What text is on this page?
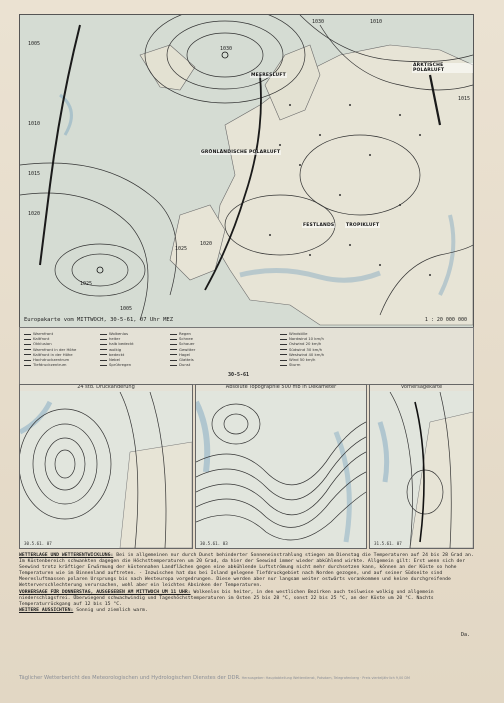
1005
1010
1015
1020
1025
1030
1030
1020
1010
1015
1005
1025
MEERESLUFT
ARKTISCHE POLARLUFT
GRÖNLÄNDISCHE POLARLUFT
FESTLANDS	TROPIKLUFT
Europakarte vom MITTWOCH, 30-5-61, 07 Uhr MEZ	1 : 20 000 000
Warmfront
Kaltfront
Okklusion
Warmfront in der Höhe
Kaltfront in der Höhe
Hochdruckzentrum
Tiefdruckzentrum
Wolkenlos
heiter
halb bedeckt
wolkig
bedeckt
Nebel
Sprühregen
Regen
Schnee
Schauer
Gewitter
Hagel
Glatteis
Dunst
Windstille
Nordwind 10 km/h
Ostwind 20 km/h
Südwind 30 km/h
Westwind 40 km/h
Wind 50 km/h
Sturm
30-5-61
24 std. Druckänderung
30.5.61. 07
Absolute Topographie 500 mb in Dekameter
30.5.61. 03
Vorhersagekarte
31.5.61. 07

WETTERLAGE UND WETTERENTWICKLUNG: Bei in allgemeinen nur durch Dunst behinderter Sonneneinstrahlung stiegen am Dienstag die Temperaturen auf 24 bis 28 Grad an. Im Küstenbereich schwankten dagegen die Höchsttemperaturen um 20 Grad, da hier der Seewind immer wieder abkühlend wirkte. Allgemein gilt: Erst wenn sich der Seewind trotz kräftiger Erwärmung der küstennahen Landflächen gegen eine abkühlende Luftströmung nicht mehr durchsetzen kann, können an der Küste so hohe Temperaturen wie im Binnenland auftreten. - Inzwischen hat das bei Island gelegene Tiefdruckgebiet nach Norden gezogen, und auf seiner Südseite sind Meeresluftmassen polaren Ursprungs bis nach Westeuropa vorgedrungen. Diese werden aber nur langsam weiter ostwärts vorankommen und keine durchgreifende Wetterverschlechterung verursachen, wohl aber ein leichtes Absinken der Temperaturen.

VORHERSAGE FÜR DONNERSTAG, AUSGEGEBEN AM MITTWOCH UM 11 UHR: Wolkenlos bis heiter, in den westlichen Bezirken auch teilweise wolkig und allgemein niederschlagsfrei. Überwiegend schwachwindig und Tageshöchsttemperaturen im Osten 25 bis 28 °C, sonst 22 bis 25 °C, an der Küste um 20 °C. Nachts Temperaturrückgang auf 12 bis 15 °C.

WEITERE AUSSICHTEN: Sonnig und ziemlich warm.

Da.
Täglicher Wetterbericht des Meteorologischen und Hydrologischen Dienstes der DDR. Herausgeber: Hauptabteilung Wetterdienst, Potsdam, Telegrafenberg · Preis vierteljährlich 9,00 DM
